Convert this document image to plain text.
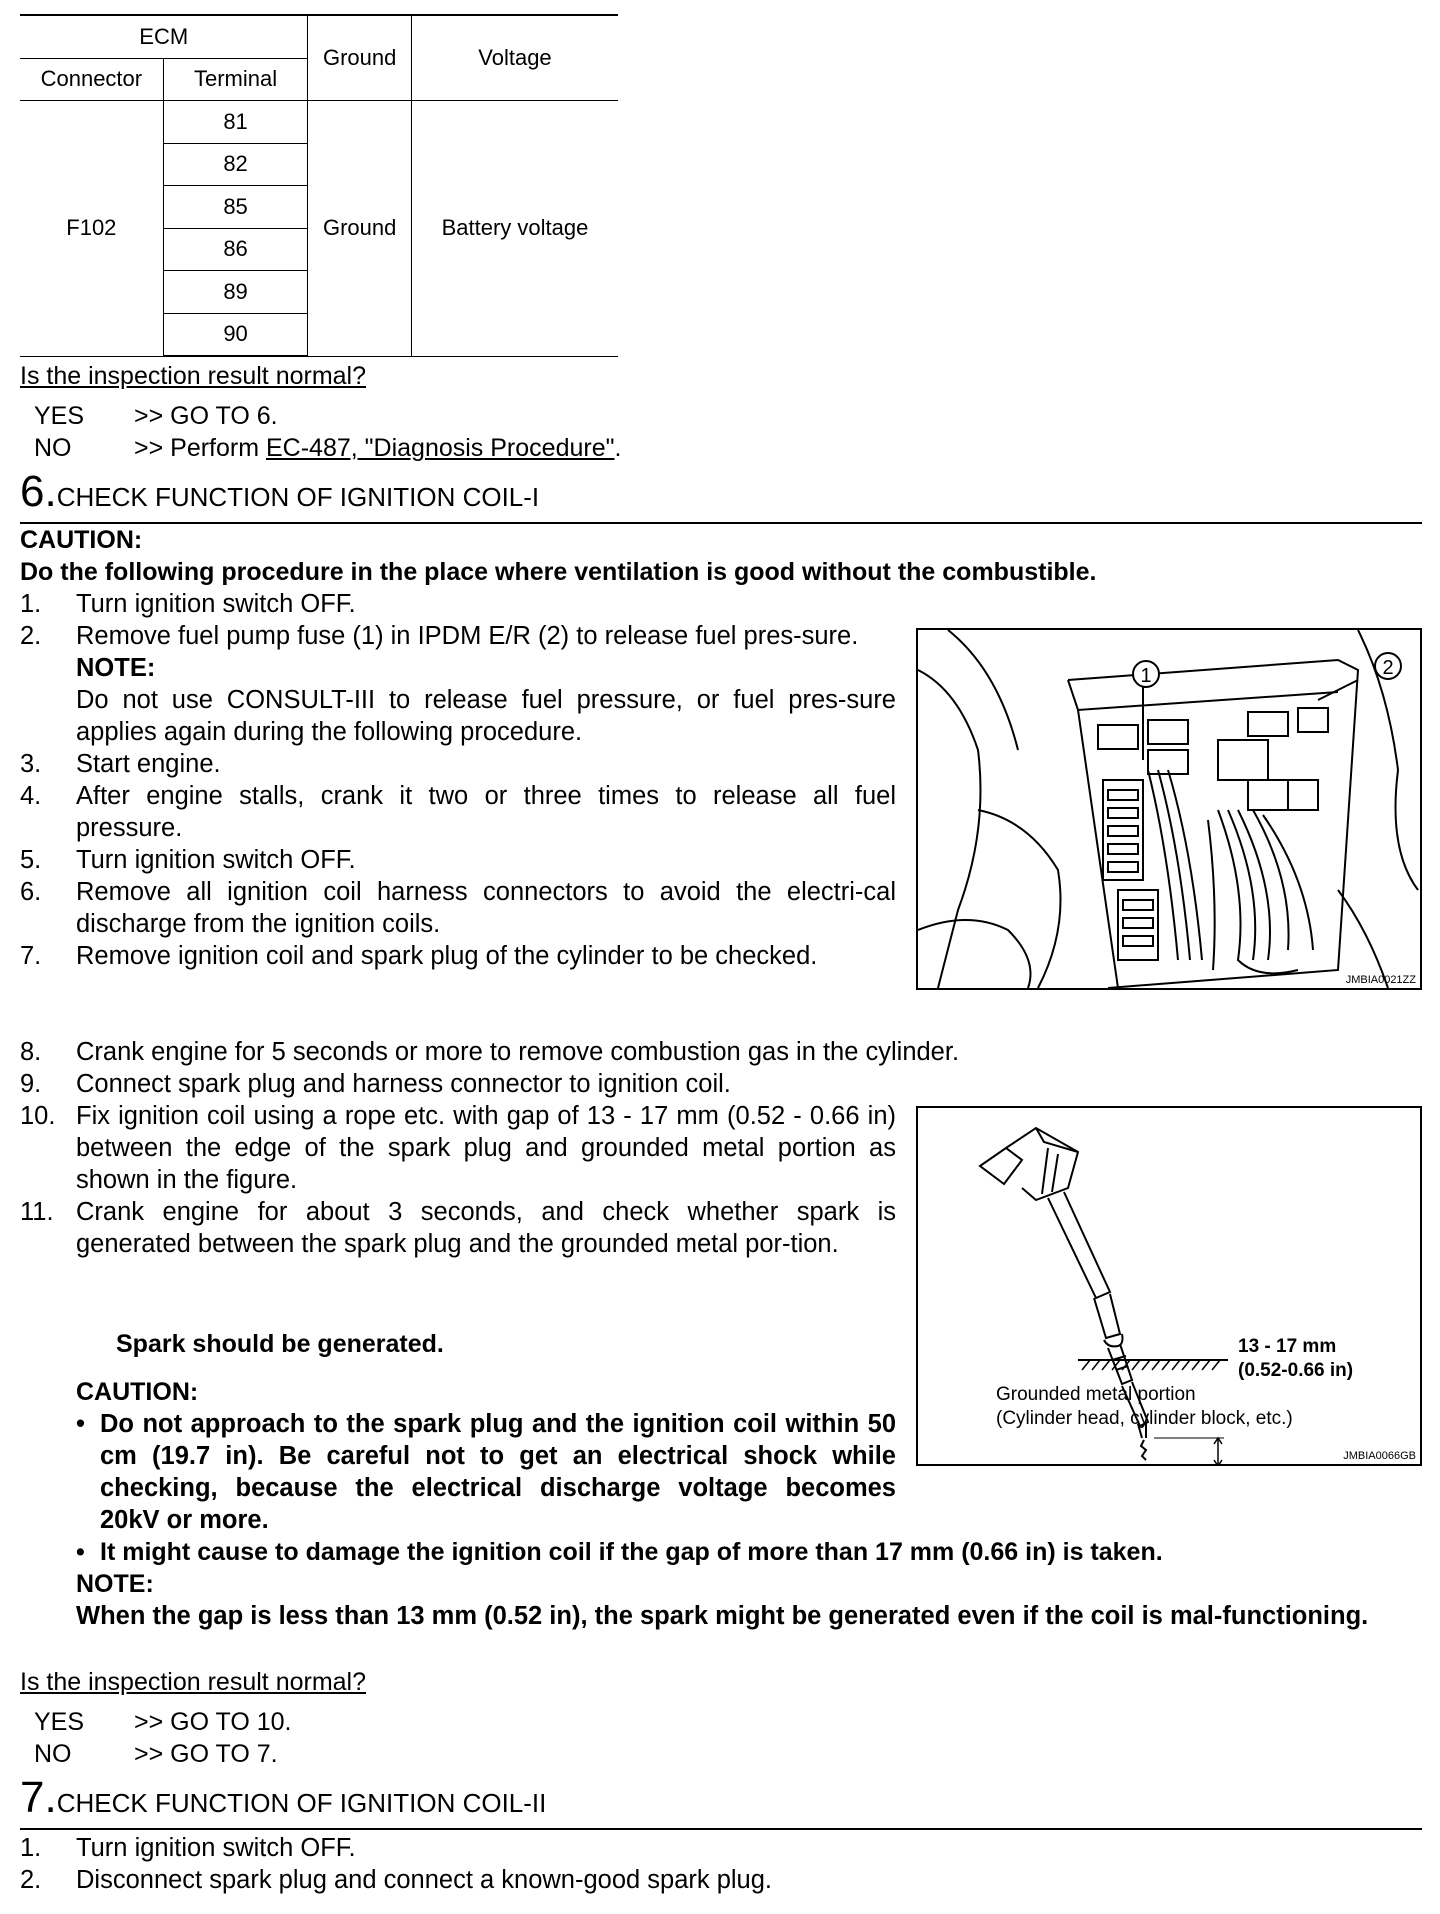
ECM		Ground	Voltage
Connector	Terminal		
F102	81	Ground	Battery voltage
	82		
	85		
	86		
	89		
	90		
Is the inspection result normal?
YES >> GO TO 6.
NO	>> Perform EC-487, "Diagnosis Procedure".
6.CHECK FUNCTION OF IGNITION COIL-I
CAUTION:
Do the following procedure in the place where ventilation is good without the combustible.
1.	Turn ignition switch OFF.
2.	Remove fuel pump fuse (1) in IPDM E/R (2) to release fuel pres-sure.
NOTE:
Do not use CONSULT-III to release fuel pressure, or fuel pres-sure applies again during the following procedure.
3.	Start engine.
4.	After engine stalls, crank it two or three times to release all fuel pressure.
5.	Turn ignition switch OFF.
6.	Remove all ignition coil harness connectors to avoid the electri-cal discharge from the ignition coils.
7.	Remove ignition coil and spark plug of the cylinder to be checked.
8.	Crank engine for 5 seconds or more to remove combustion gas in the cylinder.
9.	Connect spark plug and harness connector to ignition coil.
10. Fix ignition coil using a rope etc. with gap of 13 - 17 mm (0.52 - 0.66 in) between the edge of the spark plug and grounded metal portion as shown in the figure.
11. Crank engine for about 3 seconds, and check whether spark is generated between the spark plug and the grounded metal por-tion.
Spark should be generated.
CAUTION:
• Do not approach to the spark plug and the ignition coil within 50 cm (19.7 in). Be careful not to get an electrical shock while checking, because the electrical discharge voltage becomes 20kV or more.
• It might cause to damage the ignition coil if the gap of more than 17 mm (0.66 in) is taken.
NOTE:
When the gap is less than 13 mm (0.52 in), the spark might be generated even if the coil is mal-functioning.
1	2
JMBIA0021ZZ
13 - 17 mm
(0.52-0.66 in)
Grounded metal portion
(Cylinder head, cylinder block, etc.)
JMBIA0066GB
Is the inspection result normal?
YES >> GO TO 10.
NO	>> GO TO 7.
7.CHECK FUNCTION OF IGNITION COIL-II
1.	Turn ignition switch OFF.
2.	Disconnect spark plug and connect a known-good spark plug.
